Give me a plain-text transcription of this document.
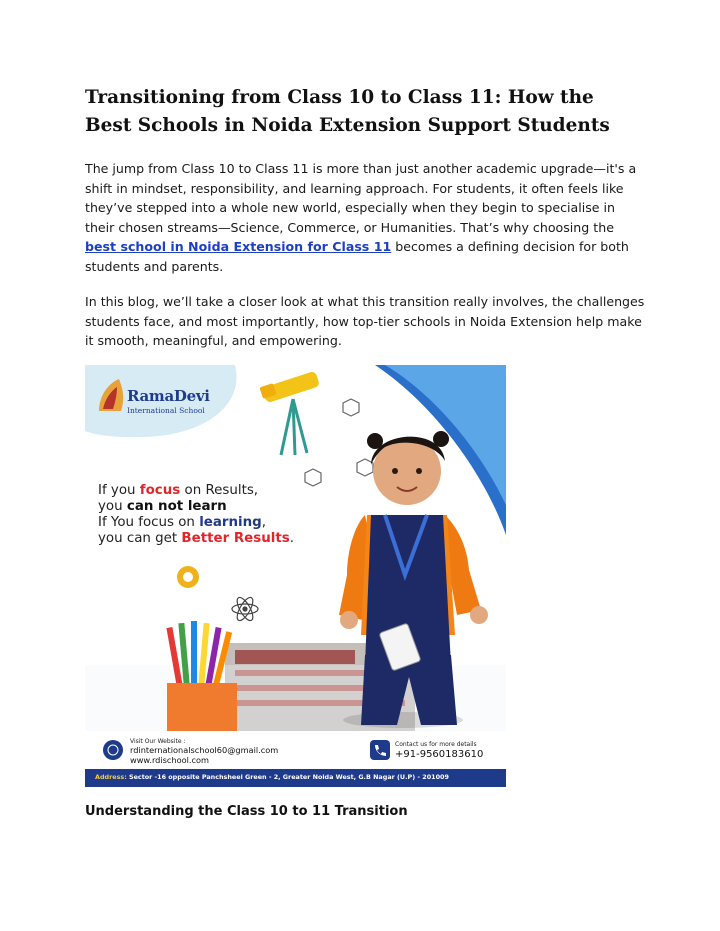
Transitioning from Class 10 to Class 11: How the Best Schools in Noida Extension Support Students

The jump from Class 10 to Class 11 is more than just another academic upgrade—it's a shift in mindset, responsibility, and learning approach. For students, it often feels like they’ve stepped into a whole new world, especially when they begin to specialise in their chosen streams—Science, Commerce, or Humanities. That’s why choosing the best school in Noida Extension for Class 11 becomes a defining decision for both students and parents.

In this blog, we’ll take a closer look at what this transition really involves, the challenges students face, and most importantly, how top-tier schools in Noida Extension help make it smooth, meaningful, and empowering.

RamaDevi
International School
If you focus on Results,
you can not learn
If You focus on learning,
you can get Better Results.
Visit Our Website :
rdinternationalschool60@gmail.com
www.rdischool.com
Contact us for more details
+91-9560183610
Address: Sector -16 opposite Panchsheel Green - 2, Greater Noida West, G.B Nagar (U.P) - 201009
Understanding the Class 10 to 11 Transition
